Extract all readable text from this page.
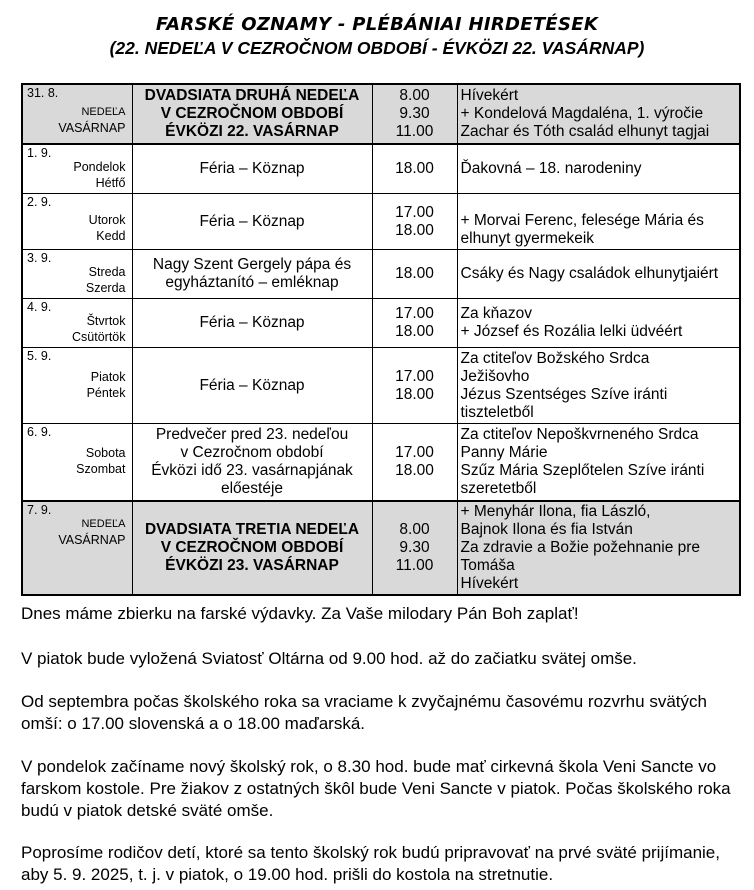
FARSKÉ OZNAMY - PLÉBÁNIAI HIRDETÉSEK
(22. NEDEĽA V CEZROČNOM OBDOBÍ - ÉVKÖZI 22. VASÁRNAP)
31. 8.
NEDEĽA
VASÁRNAP	DVADSIATA DRUHÁ NEDEĽA
V CEZROČNOM OBDOBÍ
ÉVKÖZI 22. VASÁRNAP	8.00
9.30
11.00	Hívekért
+ Kondelová Magdaléna, 1. výročie
Zachar és Tóth család elhunyt tagjai

1. 9.
Pondelok
Hétfő	Féria – Köznap	18.00	Ďakovná – 18. narodeniny

2. 9.
Utorok
Kedd	Féria – Köznap	17.00
18.00	+ Morvai Ferenc, felesége Mária és elhunyt gyermekeik

3. 9.
Streda
Szerda	Nagy Szent Gergely pápa és
egyháztanító – emléknap	18.00	Csáky és Nagy családok elhunytjaiért

4. 9.
Štvrtok
Csütörtök	Féria – Köznap	17.00
18.00	Za kňazov
+ József és Rozália lelki üdvéért

5. 9.
Piatok
Péntek	Féria – Köznap	17.00
18.00	Za ctiteľov Božského Srdca Ježišovho
Jézus Szentséges Szíve iránti tiszteletből

6. 9.
Sobota
Szombat	Predvečer pred 23. nedeľou
v Cezročnom období
Évközi idő 23. vasárnapjának
előestéje	17.00
18.00	Za ctiteľov Nepoškvrneného Srdca Panny Márie
Szűz Mária Szeplőtelen Szíve iránti szeretetből

7. 9.
NEDEĽA
VASÁRNAP	DVADSIATA TRETIA NEDEĽA
V CEZROČNOM OBDOBÍ
ÉVKÖZI 23. VASÁRNAP	8.00
9.30
11.00	+ Menyhár Ilona, fia László, Bajnok Ilona és fia István
Za zdravie a Božie požehnanie pre Tomáša
Hívekért
Dnes máme zbierku na farské výdavky. Za Vaše milodary Pán Boh zaplať!
V piatok bude vyložená Sviatosť Oltárna od 9.00 hod. až do začiatku svätej omše.
Od septembra počas školského roka sa vraciame k zvyčajnému časovému rozvrhu svätých omší: o 17.00 slovenská a o 18.00 maďarská.
V pondelok začíname nový školský rok, o 8.30 hod. bude mať cirkevná škola Veni Sancte vo farskom kostole. Pre žiakov z ostatných škôl bude Veni Sancte v piatok. Počas školského roka budú v piatok detské sväté omše.
Poprosíme rodičov detí, ktoré sa tento školský rok budú pripravovať na prvé sväté prijímanie, aby 5. 9. 2025, t. j. v piatok, o 19.00 hod. prišli do kostola na stretnutie.
